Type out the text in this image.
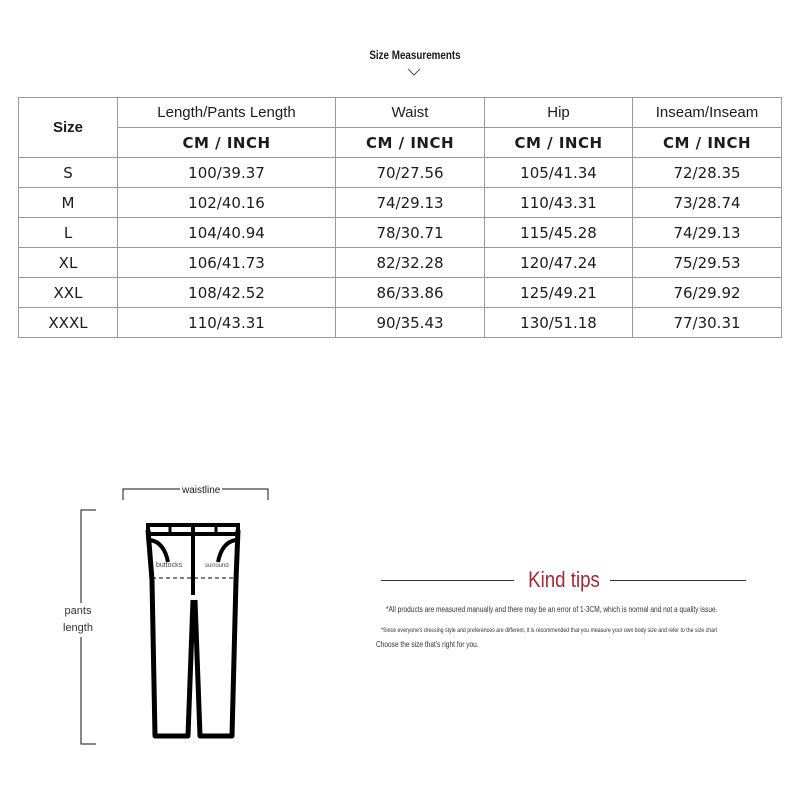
Size Measurements
Size	Length/Pants Length	Waist	Hip	Inseam/Inseam
	CM / INCH	CM / INCH	CM / INCH	CM / INCH
S	100/39.37	70/27.56	105/41.34	72/28.35
M	102/40.16	74/29.13	110/43.31	73/28.74
L	104/40.94	78/30.71	115/45.28	74/29.13
XL	106/41.73	82/32.28	120/47.24	75/29.53
XXL	108/42.52	86/33.86	125/49.21	76/29.92
XXXL	110/43.31	90/35.43	130/51.18	77/30.31
waistline
pants
length
buttocks	surround
Kind tips
*All products are measured manually and there may be an error of 1-3CM, which is normal and not a quality issue.
*Since everyone's dressing style and preferences are different, it is recommended that you measure your own body size and refer to the size chart
Choose the size that's right for you.
